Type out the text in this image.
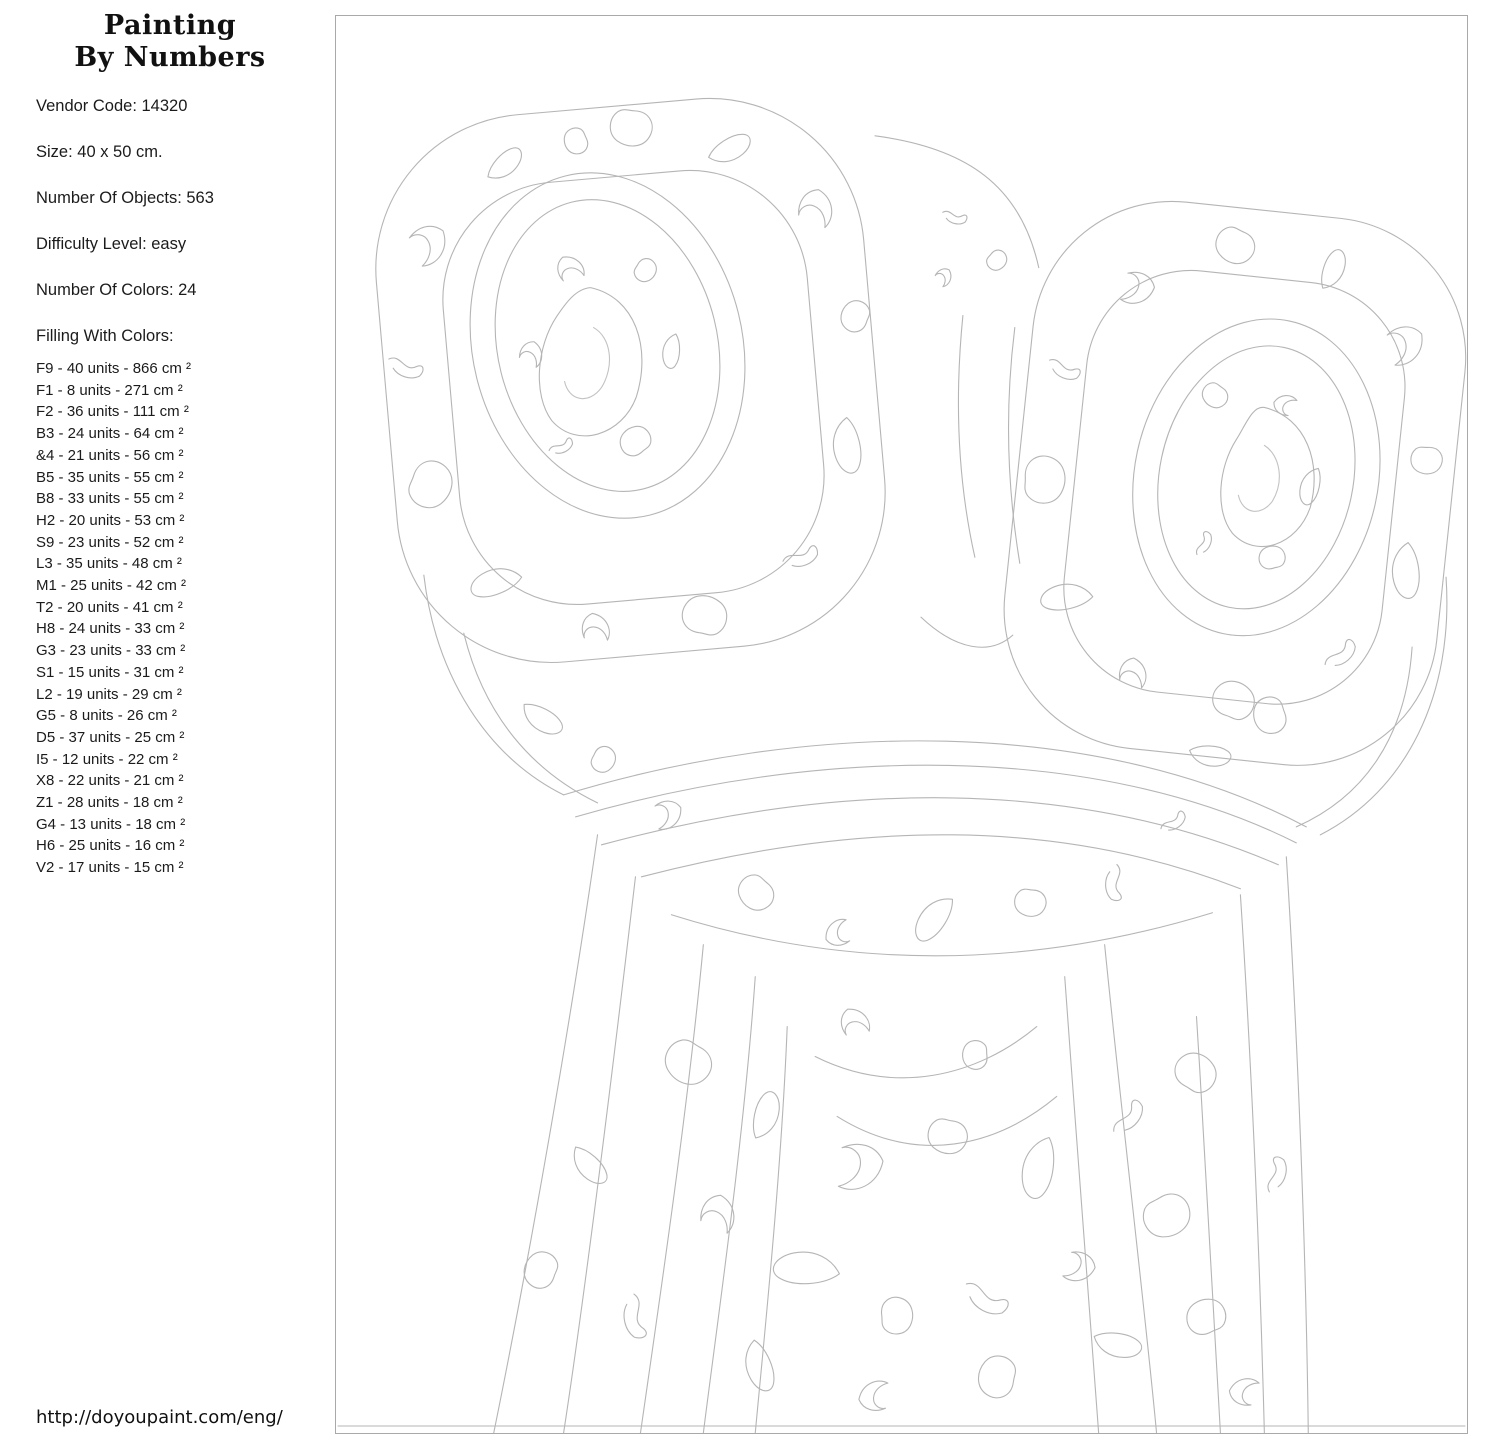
Painting
By Numbers
Vendor Code: 14320
Size: 40 x 50 cm.
Number Of Objects: 563
Difficulty Level: easy
Number Of Colors: 24
Filling With Colors:
F9 - 40 units - 866 cm ²
F1 - 8 units - 271 cm ²
F2 - 36 units - 111 cm ²
B3 - 24 units - 64 cm ²
&4 - 21 units - 56 cm ²
B5 - 35 units - 55 cm ²
B8 - 33 units - 55 cm ²
H2 - 20 units - 53 cm ²
S9 - 23 units - 52 cm ²
L3 - 35 units - 48 cm ²
M1 - 25 units - 42 cm ²
T2 - 20 units - 41 cm ²
H8 - 24 units - 33 cm ²
G3 - 23 units - 33 cm ²
S1 - 15 units - 31 cm ²
L2 - 19 units - 29 cm ²
G5 - 8 units - 26 cm ²
D5 - 37 units - 25 cm ²
I5 - 12 units - 22 cm ²
X8 - 22 units - 21 cm ²
Z1 - 28 units - 18 cm ²
G4 - 13 units - 18 cm ²
H6 - 25 units - 16 cm ²
V2 - 17 units - 15 cm ²
http://doyoupaint.com/eng/
